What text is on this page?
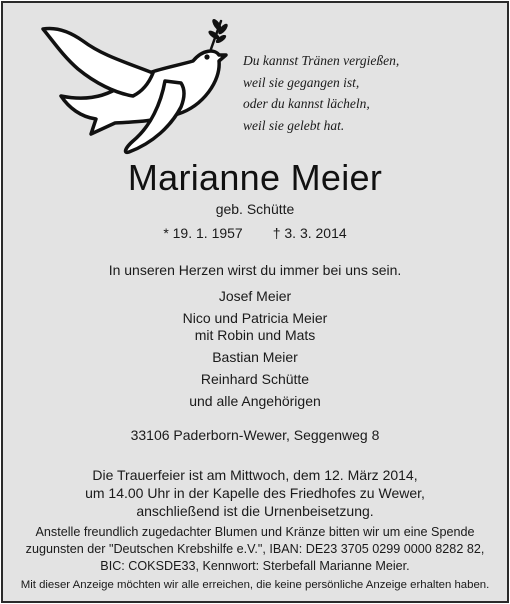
Du kannst Tränen vergießen,
weil sie gegangen ist,
oder du kannst lächeln,
weil sie gelebt hat.
Marianne Meier
geb. Schütte
* 19. 1. 1957 † 3. 3. 2014
In unseren Herzen wirst du immer bei uns sein.
Josef Meier
Nico und Patricia Meier
mit Robin und Mats
Bastian Meier
Reinhard Schütte
und alle Angehörigen
33106 Paderborn-Wewer, Seggenweg 8
Die Trauerfeier ist am Mittwoch, dem 12. März 2014,
um 14.00 Uhr in der Kapelle des Friedhofes zu Wewer,
anschließend ist die Urnenbeisetzung.
Anstelle freundlich zugedachter Blumen und Kränze bitten wir um eine Spende
zugunsten der "Deutschen Krebshilfe e.V.", IBAN: DE23 3705 0299 0000 8282 82,
BIC: COKSDE33, Kennwort: Sterbefall Marianne Meier.
Mit dieser Anzeige möchten wir alle erreichen, die keine persönliche Anzeige erhalten haben.
